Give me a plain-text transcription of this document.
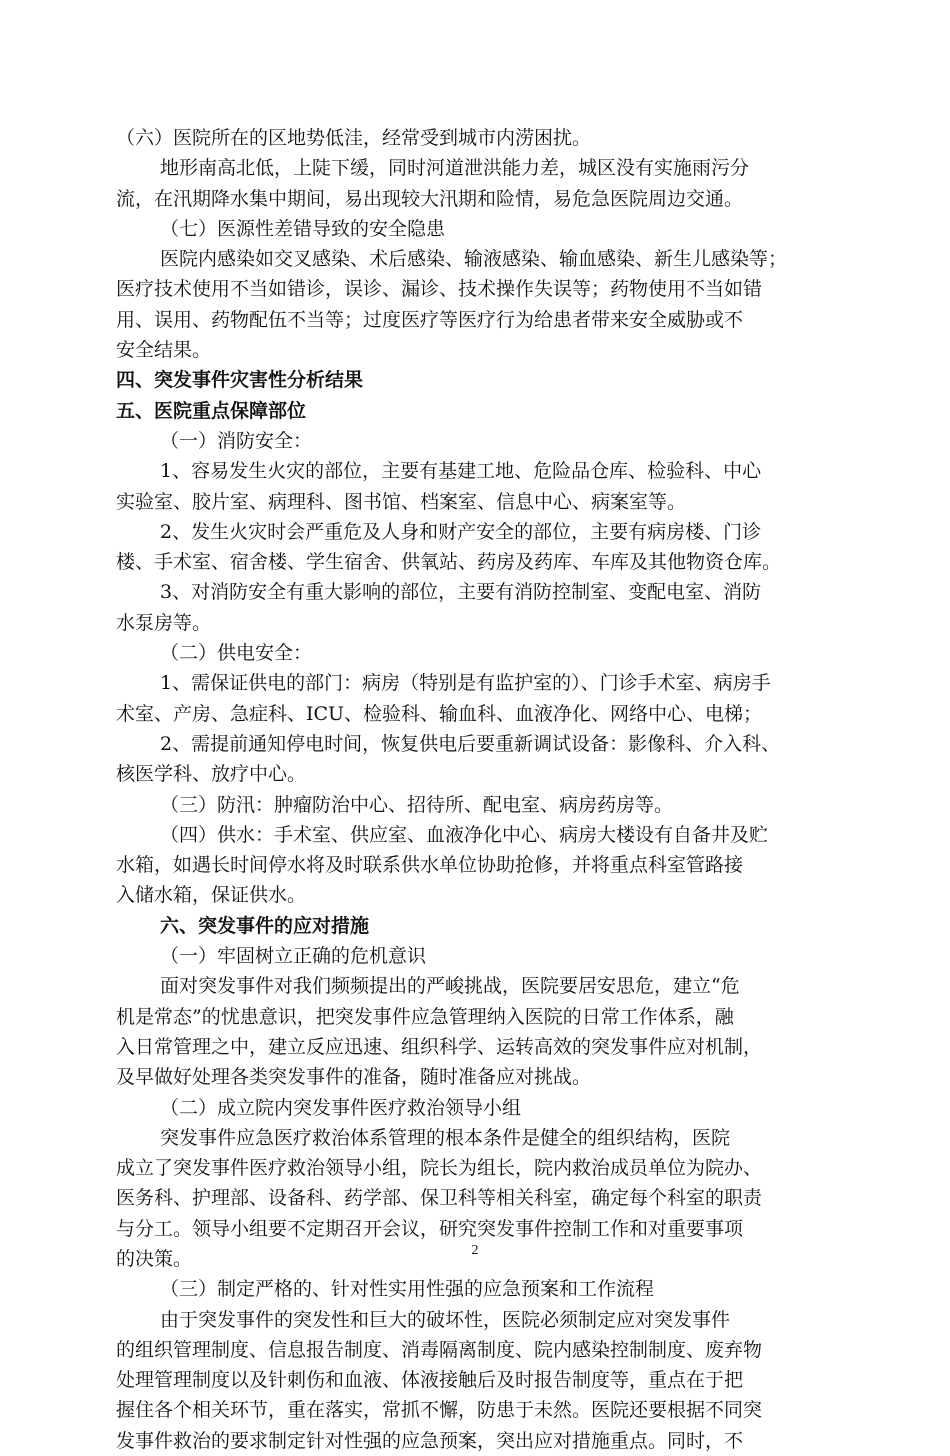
（六）医院所在的区地势低洼，经常受到城市内涝困扰。
地形南高北低，上陡下缓，同时河道泄洪能力差，城区没有实施雨污分
流，在汛期降水集中期间，易出现较大汛期和险情，易危急医院周边交通。
（七）医源性差错导致的安全隐患
医院内感染如交叉感染、术后感染、输液感染、输血感染、新生儿感染等；
医疗技术使用不当如错诊，误诊、漏诊、技术操作失误等；药物使用不当如错
用、误用、药物配伍不当等；过度医疗等医疗行为给患者带来安全威胁或不
安全结果。
四、突发事件灾害性分析结果
五、医院重点保障部位
（一）消防安全：
1、容易发生火灾的部位，主要有基建工地、危险品仓库、检验科、中心
实验室、胶片室、病理科、图书馆、档案室、信息中心、病案室等。
2、发生火灾时会严重危及人身和财产安全的部位，主要有病房楼、门诊
楼、手术室、宿舍楼、学生宿舍、供氧站、药房及药库、车库及其他物资仓库。
3、对消防安全有重大影响的部位，主要有消防控制室、变配电室、消防
水泵房等。
（二）供电安全：
1、需保证供电的部门：病房（特别是有监护室的）、门诊手术室、病房手
术室、产房、急症科、ICU、检验科、输血科、血液净化、网络中心、电梯；
2、需提前通知停电时间，恢复供电后要重新调试设备：影像科、介入科、
核医学科、放疗中心。
（三）防汛：肿瘤防治中心、招待所、配电室、病房药房等。
（四）供水：手术室、供应室、血液净化中心、病房大楼设有自备井及贮
水箱，如遇长时间停水将及时联系供水单位协助抢修，并将重点科室管路接
入储水箱，保证供水。
六、突发事件的应对措施
（一）牢固树立正确的危机意识
面对突发事件对我们频频提出的严峻挑战，医院要居安思危，建立“危
机是常态”的忧患意识，把突发事件应急管理纳入医院的日常工作体系，融
入日常管理之中，建立反应迅速、组织科学、运转高效的突发事件应对机制，
及早做好处理各类突发事件的准备，随时准备应对挑战。
（二）成立院内突发事件医疗救治领导小组
突发事件应急医疗救治体系管理的根本条件是健全的组织结构，医院
成立了突发事件医疗救治领导小组，院长为组长，院内救治成员单位为院办、
医务科、护理部、设备科、药学部、保卫科等相关科室，确定每个科室的职责
与分工。领导小组要不定期召开会议，研究突发事件控制工作和对重要事项
的决策。
（三）制定严格的、针对性实用性强的应急预案和工作流程
由于突发事件的突发性和巨大的破坏性，医院必须制定应对突发事件
的组织管理制度、信息报告制度、消毒隔离制度、院内感染控制制度、废弃物
处理管理制度以及针刺伤和血液、体液接触后及时报告制度等，重点在于把
握住各个相关环节，重在落实，常抓不懈，防患于未然。医院还要根据不同突
发事件救治的要求制定针对性强的应急预案，突出应对措施重点。同时，不
2
